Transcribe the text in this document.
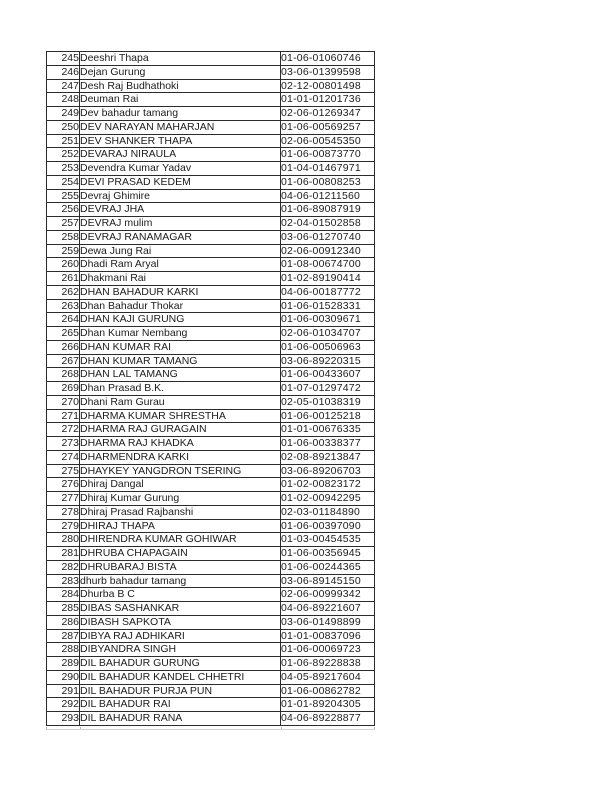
245	Deeshri Thapa	01-06-01060746
246	Dejan Gurung	03-06-01399598
247	Desh Raj Budhathoki	02-12-00801498
248	Deuman Rai	01-01-01201736
249	Dev bahadur tamang	02-06-01269347
250	DEV NARAYAN MAHARJAN	01-06-00569257
251	DEV SHANKER THAPA	02-06-00545350
252	DEVARAJ NIRAULA	01-06-00873770
253	Devendra Kumar Yadav	01-04-01467971
254	DEVI PRASAD KEDEM	01-06-00808253
255	Devraj Ghimire	04-06-01211560
256	DEVRAJ JHA	01-06-89087919
257	DEVRAJ mulim	02-04-01502858
258	DEVRAJ RANAMAGAR	03-06-01270740
259	Dewa Jung Rai	02-06-00912340
260	Dhadi Ram Aryal	01-08-00674700
261	Dhakmani Rai	01-02-89190414
262	DHAN BAHADUR KARKI	04-06-00187772
263	Dhan Bahadur Thokar	01-06-01528331
264	DHAN KAJI GURUNG	01-06-00309671
265	Dhan Kumar Nembang	02-06-01034707
266	DHAN KUMAR RAI	01-06-00506963
267	DHAN KUMAR TAMANG	03-06-89220315
268	DHAN LAL TAMANG	01-06-00433607
269	Dhan Prasad B.K.	01-07-01297472
270	Dhani Ram Gurau	02-05-01038319
271	DHARMA KUMAR SHRESTHA	01-06-00125218
272	DHARMA RAJ GURAGAIN	01-01-00676335
273	DHARMA RAJ KHADKA	01-06-00338377
274	DHARMENDRA KARKI	02-08-89213847
275	DHAYKEY YANGDRON TSERING	03-06-89206703
276	Dhiraj Dangal	01-02-00823172
277	Dhiraj Kumar Gurung	01-02-00942295
278	Dhiraj Prasad Rajbanshi	02-03-01184890
279	DHIRAJ THAPA	01-06-00397090
280	DHIRENDRA KUMAR GOHIWAR	01-03-00454535
281	DHRUBA CHAPAGAIN	01-06-00356945
282	DHRUBARAJ BISTA	01-06-00244365
283	dhurb bahadur tamang	03-06-89145150
284	Dhurba B C	02-06-00999342
285	DIBAS SASHANKAR	04-06-89221607
286	DIBASH SAPKOTA	03-06-01498899
287	DIBYA RAJ ADHIKARI	01-01-00837096
288	DIBYANDRA SINGH	01-06-00069723
289	DIL BAHADUR GURUNG	01-06-89228838
290	DIL BAHADUR KANDEL CHHETRI	04-05-89217604
291	DIL BAHADUR PURJA PUN	01-06-00862782
292	DIL BAHADUR RAI	01-01-89204305
293	DIL BAHADUR RANA	04-06-89228877
